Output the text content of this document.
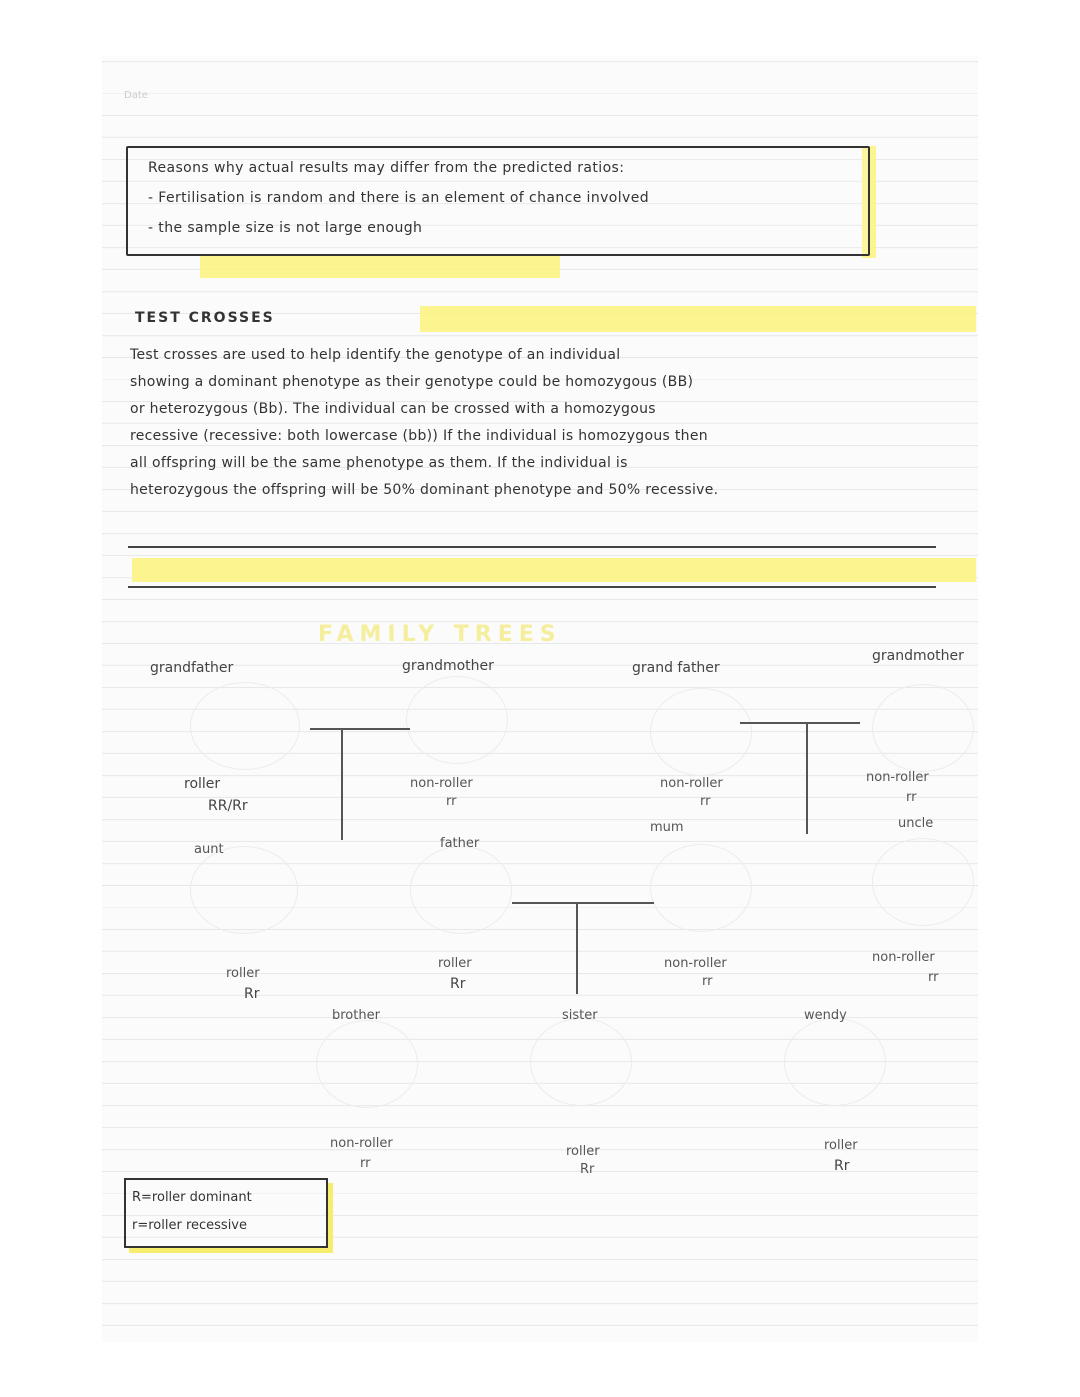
Date
Reasons why actual results may differ from the predicted ratios:
- Fertilisation is random and there is an element of chance involved
- the sample size is not large enough
TEST CROSSES

Test crosses are used to help identify the genotype of an individual

showing a dominant phenotype as their genotype could be homozygous (BB)

or heterozygous (Bb). The individual can be crossed with a homozygous

recessive (recessive: both lowercase (bb)) If the individual is homozygous then

all offspring will be the same phenotype as them. If the individual is

heterozygous the offspring will be 50% dominant phenotype and 50% recessive.

FAMILY TREES
grandfather	grandmother	grand father
grandmother
roller
RR/Rr
non-roller
rr
non-roller
rr
non-roller
rr
aunt	father
mum	uncle
roller
Rr
roller
Rr
non-roller
rr
non-roller
rr
brother	sister	wendy
non-roller
rr
roller
Rr
roller
Rr
R=roller dominant
r=roller recessive
